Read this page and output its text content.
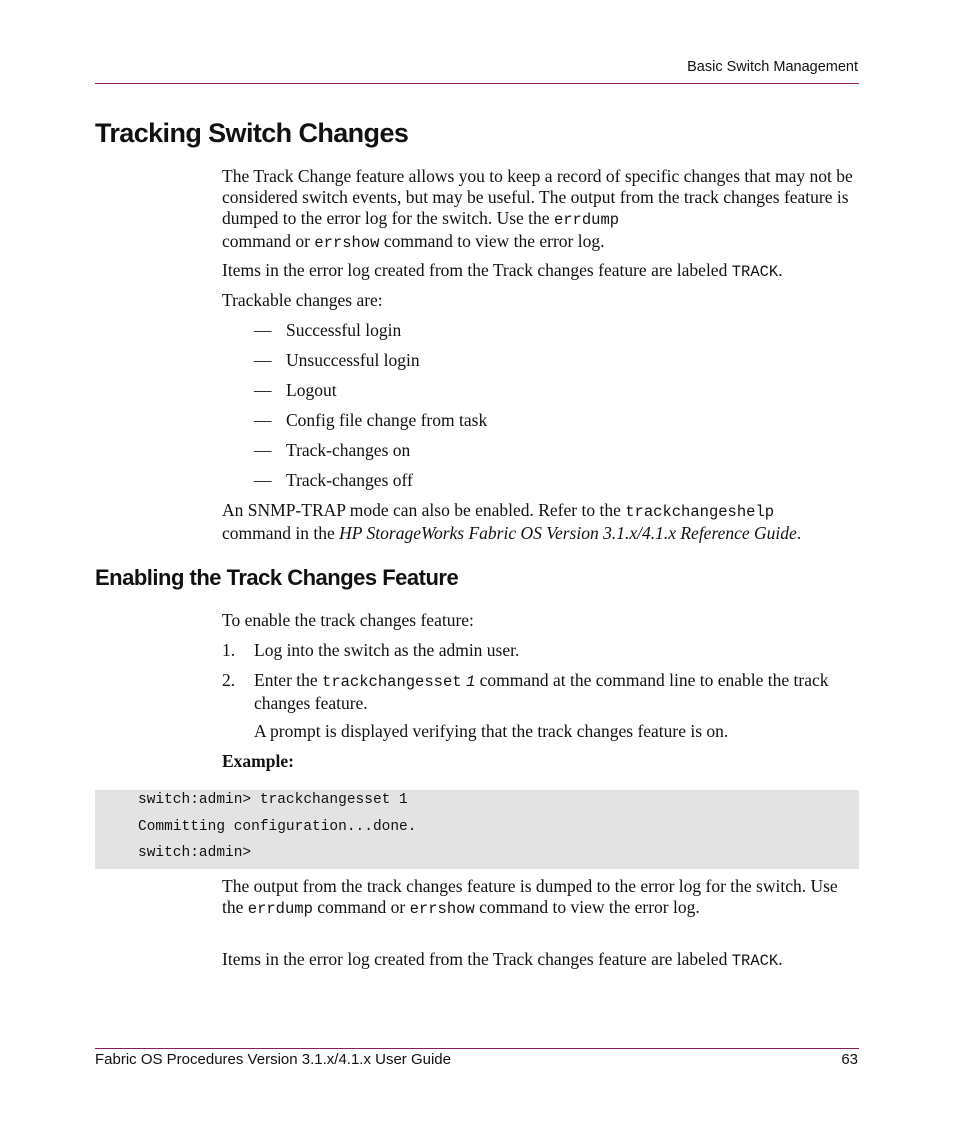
Basic Switch Management
Tracking Switch Changes

The Track Change feature allows you to keep a record of specific changes that may not be considered switch events, but may be useful. The output from the track changes feature is dumped to the error log for the switch. Use the errdump
command or errshow command to view the error log.

Items in the error log created from the Track changes feature are labeled TRACK.

Trackable changes are:

— Successful login

— Unsuccessful login

— Logout

— Config file change from task

— Track-changes on

— Track-changes off

An SNMP-TRAP mode can also be enabled. Refer to the trackchangeshelp
command in the HP StorageWorks Fabric OS Version 3.1.x/4.1.x Reference Guide.

Enabling the Track Changes Feature

To enable the track changes feature:

1. Log into the switch as the admin user.
2. Enter the trackchangesset 1 command at the command line to enable the track changes feature.

A prompt is displayed verifying that the track changes feature is on.

Example:

switch:admin> trackchangesset 1
Committing configuration...done.
switch:admin>

The output from the track changes feature is dumped to the error log for the switch. Use the errdump command or errshow command to view the error log.

Items in the error log created from the Track changes feature are labeled TRACK.

Fabric OS Procedures Version 3.1.x/4.1.x User Guide	63
